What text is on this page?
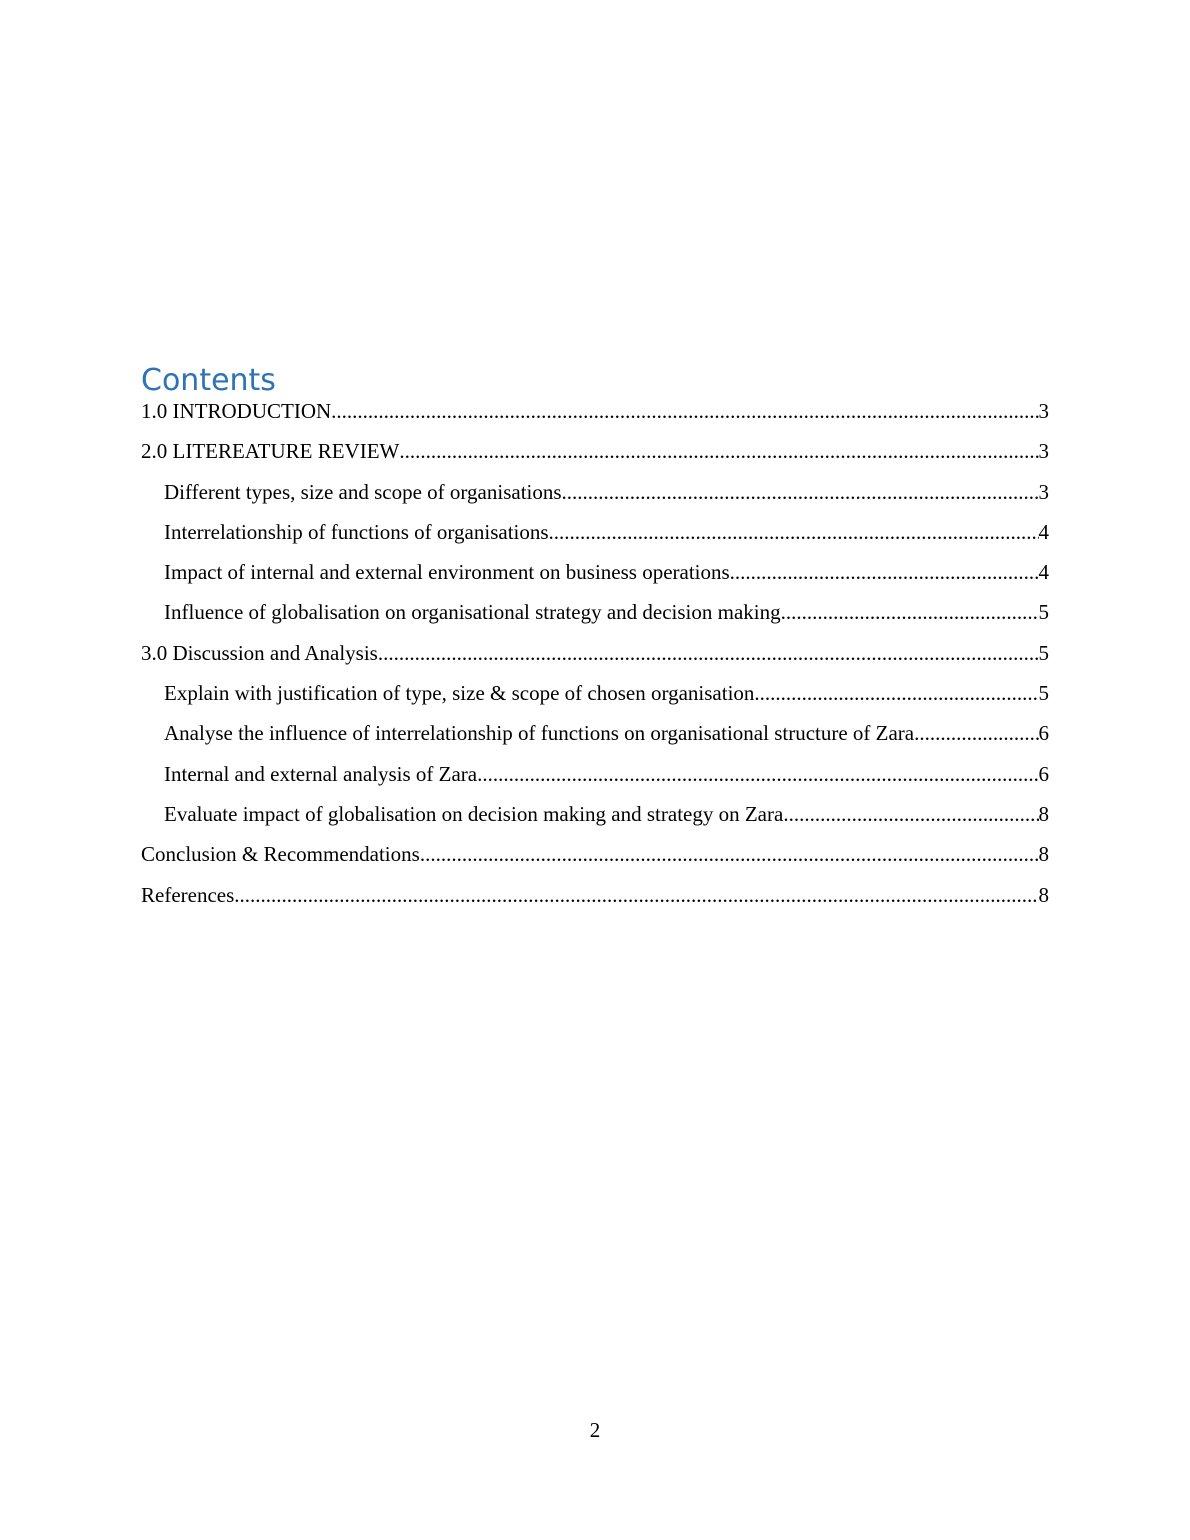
Contents
1.0 INTRODUCTION .....	3
2.0 LITEREATURE REVIEW .....	3
Different types, size and scope of organisations .....	3
Interrelationship of functions of organisations .....	4
Impact of internal and external environment on business operations .....	4
Influence of globalisation on organisational strategy and decision making .....	5
3.0 Discussion and Analysis .....	5
Explain with justification of type, size & scope of chosen organisation .....	5
Analyse the influence of interrelationship of functions on organisational structure of Zara. .....	6
Internal and external analysis of Zara .....	6
Evaluate impact of globalisation on decision making and strategy on Zara .....	8
Conclusion & Recommendations .....	8
References .....	8
2
